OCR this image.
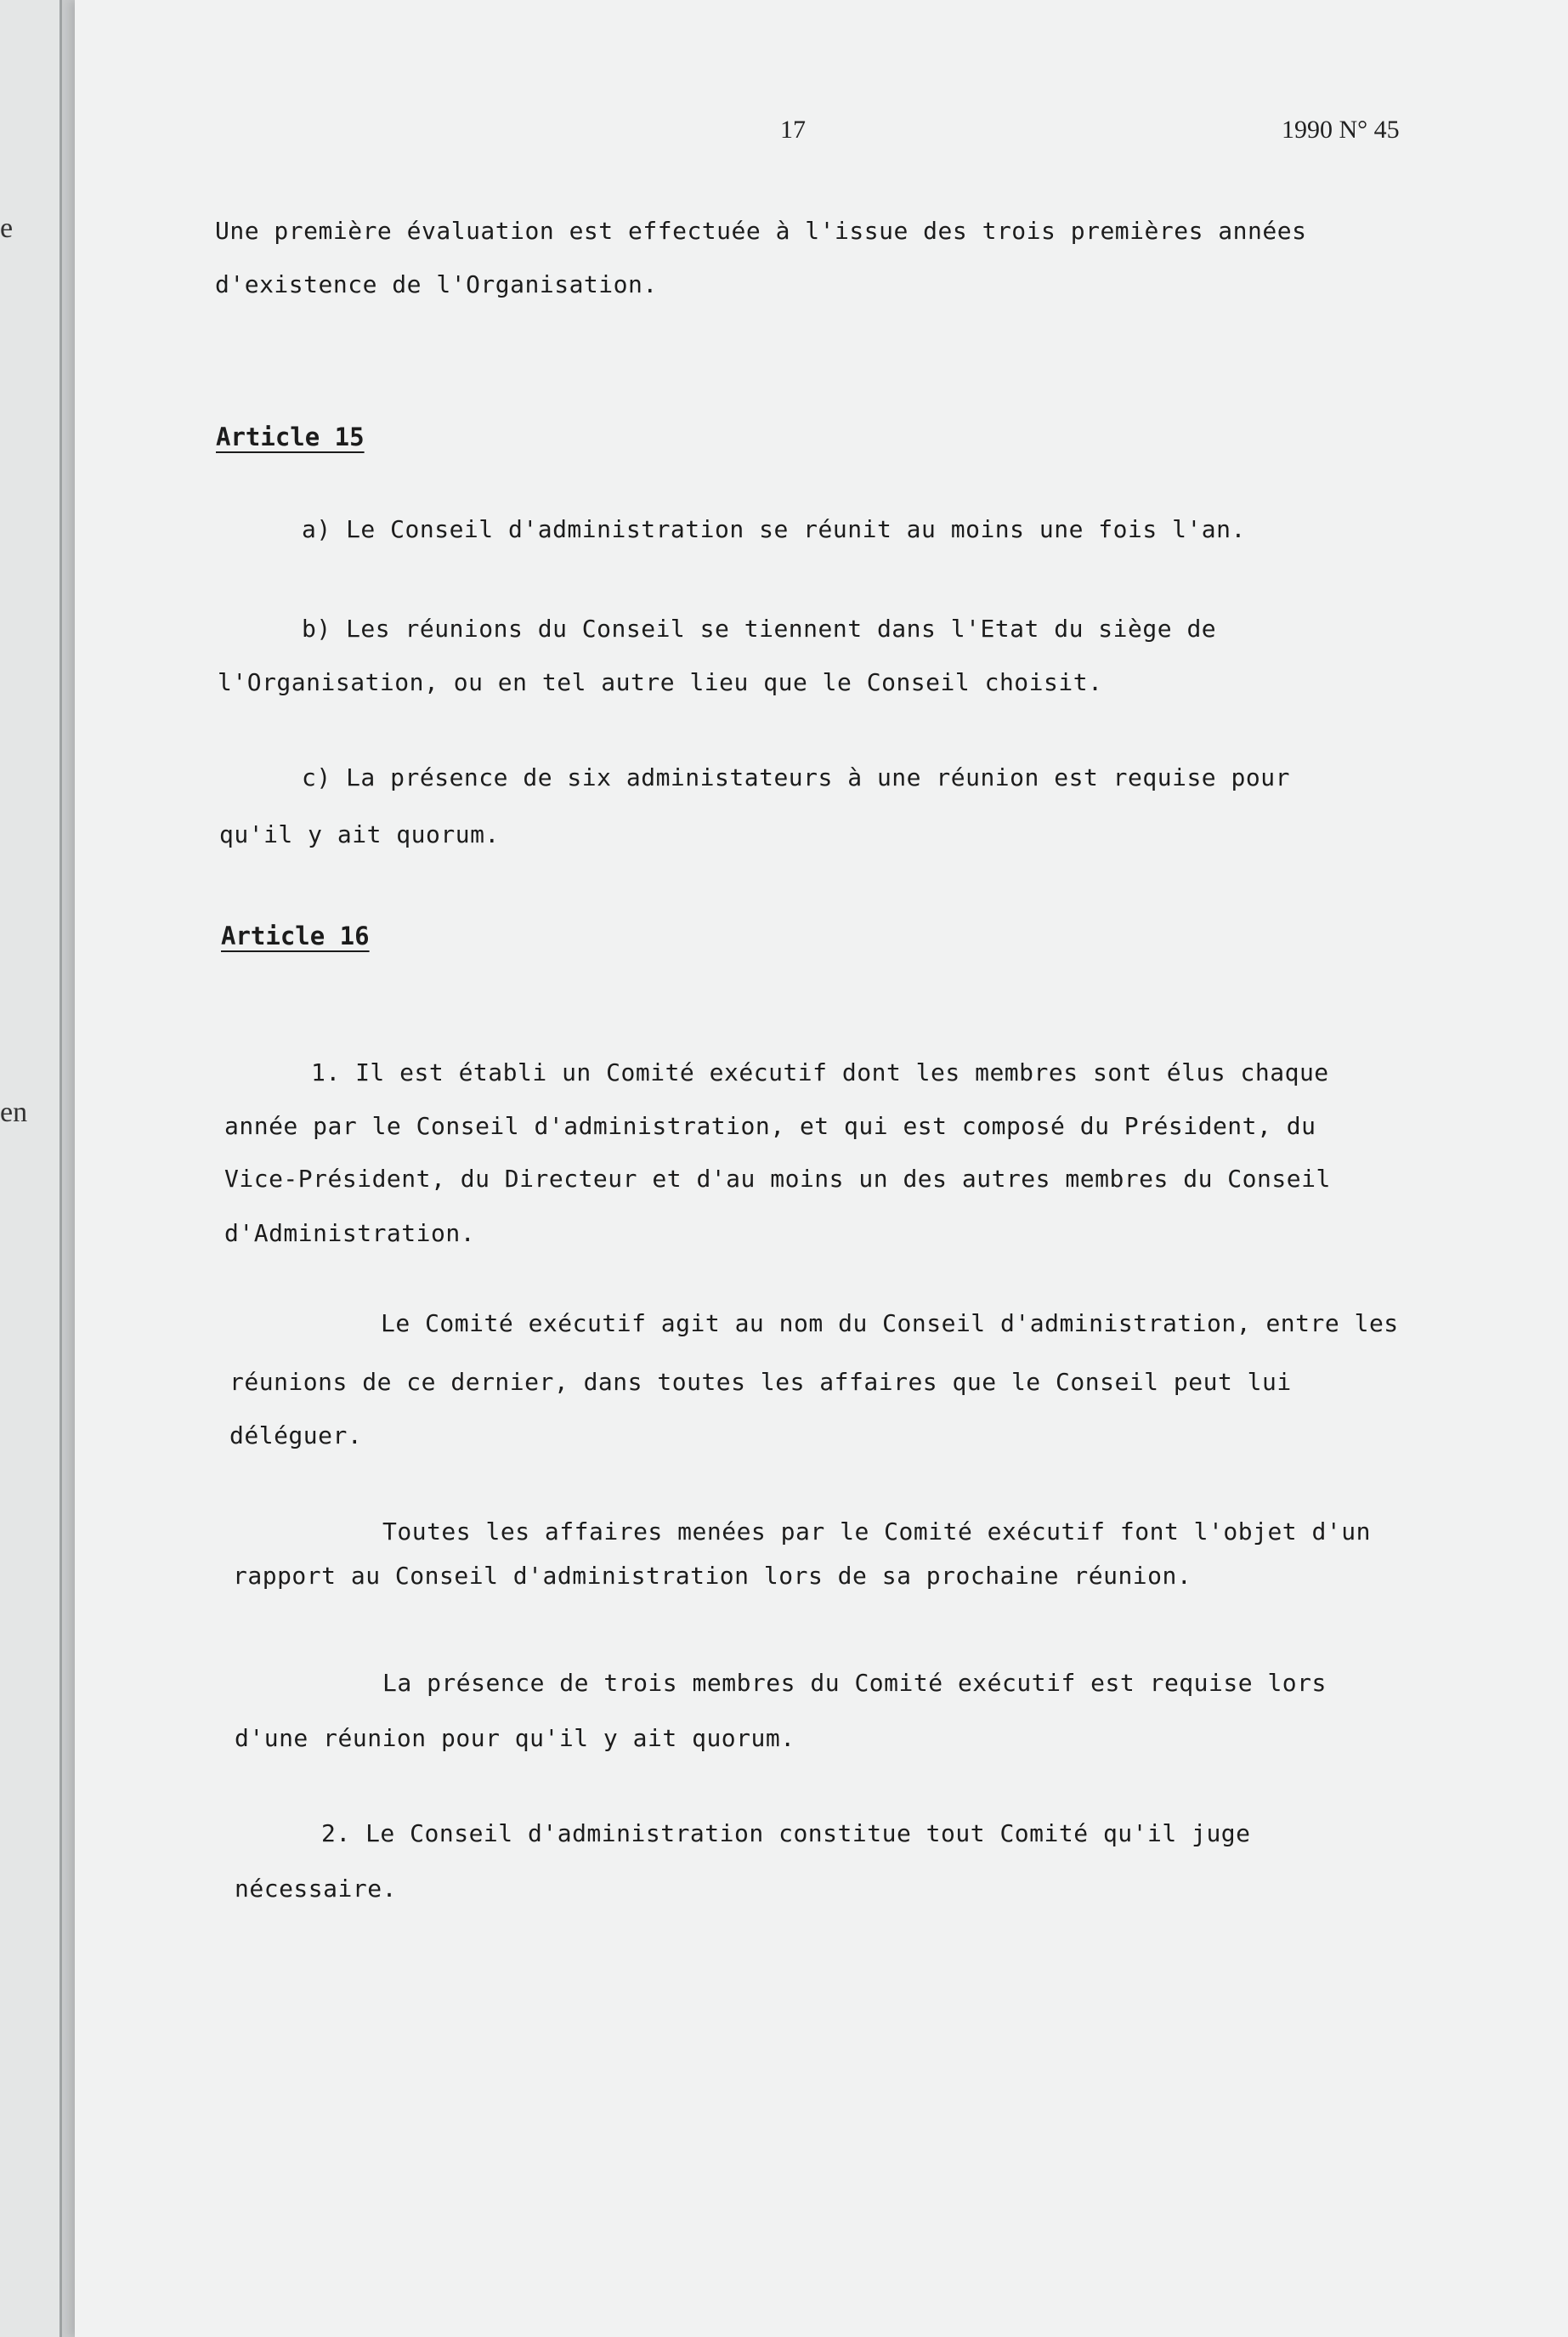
e
en
17	1990 N° 45
Une première évaluation est effectuée à l'issue des trois premières années
d'existence de l'Organisation.
Article 15
a) Le Conseil d'administration se réunit au moins une fois l'an.
b) Les réunions du Conseil se tiennent dans l'Etat du siège de
l'Organisation, ou en tel autre lieu que le Conseil choisit.
c) La présence de six administateurs à une réunion est requise pour
qu'il y ait quorum.
Article 16
1. Il est établi un Comité exécutif dont les membres sont élus chaque
année par le Conseil d'administration, et qui est composé du Président, du
Vice-Président, du Directeur et d'au moins un des autres membres du Conseil
d'Administration.
Le Comité exécutif agit au nom du Conseil d'administration, entre les
réunions de ce dernier, dans toutes les affaires que le Conseil peut lui
déléguer.
Toutes les affaires menées par le Comité exécutif font l'objet d'un
rapport au Conseil d'administration lors de sa prochaine réunion.
La présence de trois membres du Comité exécutif est requise lors
d'une réunion pour qu'il y ait quorum.
2. Le Conseil d'administration constitue tout Comité qu'il juge
nécessaire.
